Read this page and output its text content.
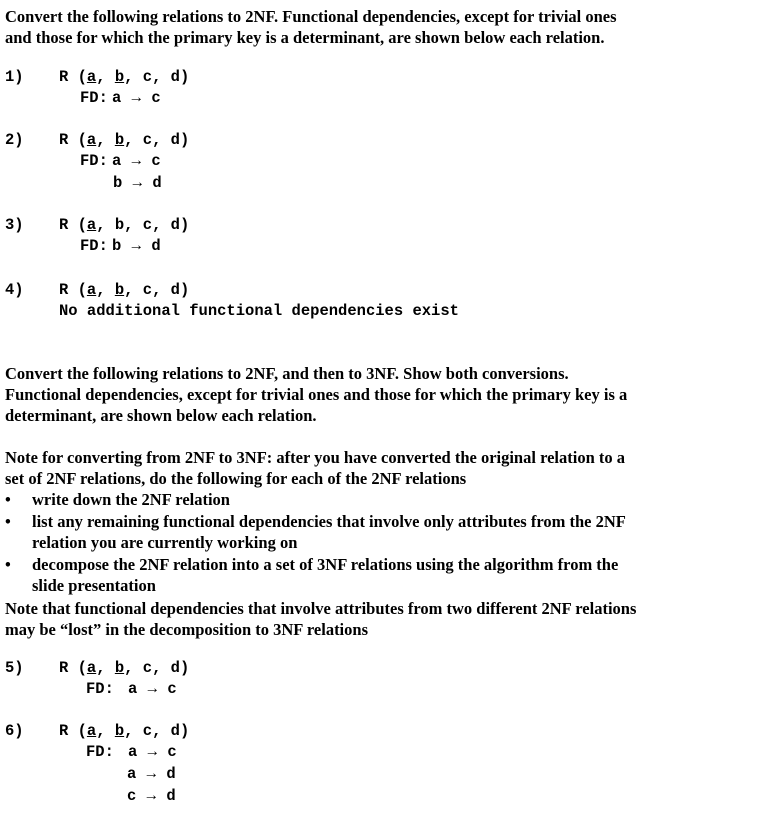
Convert the following relations to 2NF. Functional dependencies, except for trivial ones
and those for which the primary key is a determinant, are shown below each relation.
1) R (a, b, c, d)
FD: a → c
2) R (a, b, c, d)
FD: a → c
b → d
3) R (a, b, c, d)
FD: b → d
4) R (a, b, c, d)
No additional functional dependencies exist
5) R (a, b, c, d)
FD: a → c
6) R (a, b, c, d)
FD: a → c
a → d
c → d
Convert the following relations to 2NF, and then to 3NF. Show both conversions.
Functional dependencies, except for trivial ones and those for which the primary key is a
determinant, are shown below each relation.
Note for converting from 2NF to 3NF: after you have converted the original relation to a
set of 2NF relations, do the following for each of the 2NF relations
• write down the 2NF relation
• list any remaining functional dependencies that involve only attributes from the 2NF
relation you are currently working on
• decompose the 2NF relation into a set of 3NF relations using the algorithm from the
slide presentation
Note that functional dependencies that involve attributes from two different 2NF relations
may be “lost” in the decomposition to 3NF relations
